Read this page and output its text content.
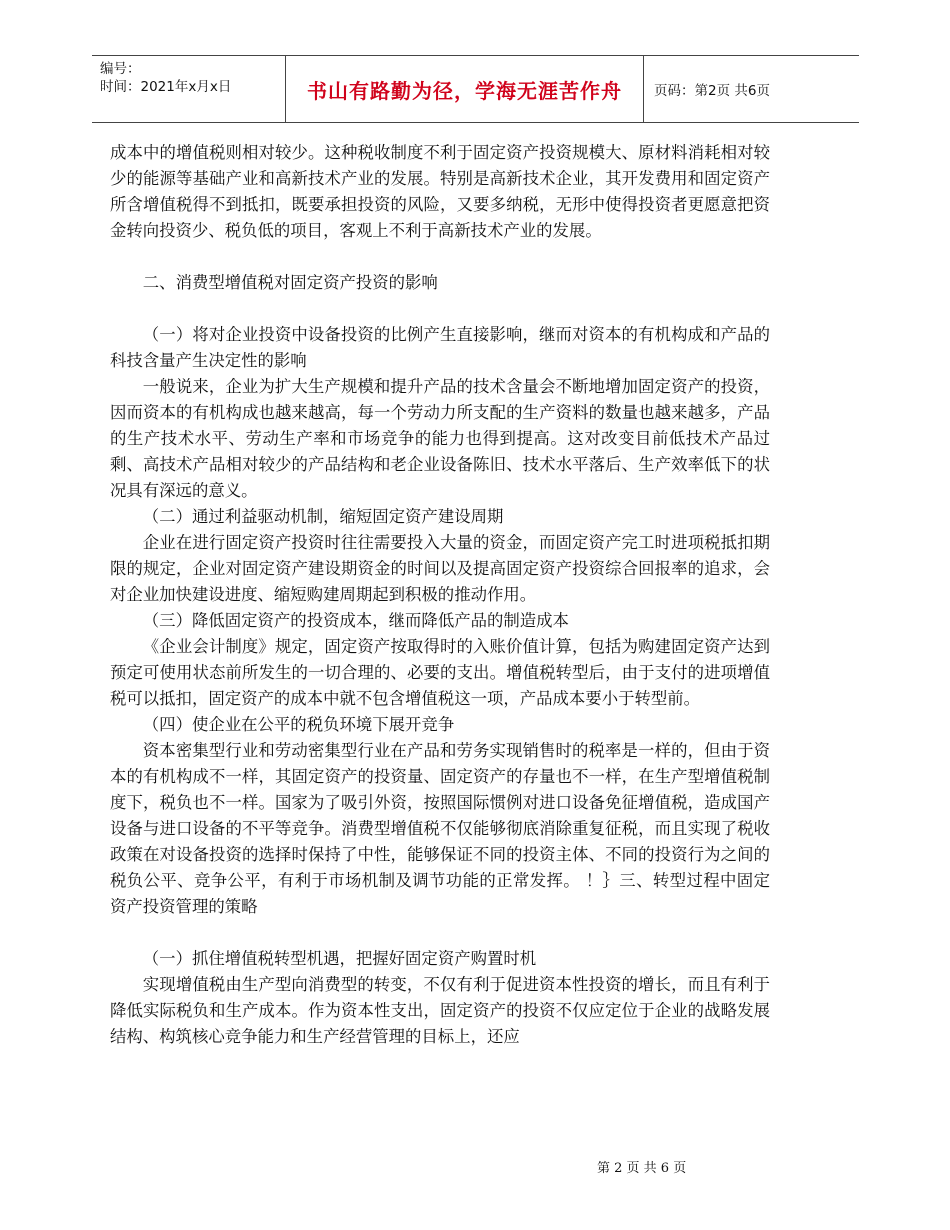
编号：
时间：2021年x月x日	书山有路勤为径，学海无涯苦作舟	页码：第2页 共6页

成本中的增值税则相对较少。这种税收制度不利于固定资产投资规模大、原材料消耗相对较少的能源等基础产业和高新技术产业的发展。特别是高新技术企业，其开发费用和固定资产所含增值税得不到抵扣，既要承担投资的风险，又要多纳税，无形中使得投资者更愿意把资金转向投资少、税负低的项目，客观上不利于高新技术产业的发展。

二、消费型增值税对固定资产投资的影响

（一）将对企业投资中设备投资的比例产生直接影响，继而对资本的有机构成和产品的科技含量产生决定性的影响

一般说来，企业为扩大生产规模和提升产品的技术含量会不断地增加固定资产的投资，因而资本的有机构成也越来越高，每一个劳动力所支配的生产资料的数量也越来越多，产品的生产技术水平、劳动生产率和市场竞争的能力也得到提高。这对改变目前低技术产品过剩、高技术产品相对较少的产品结构和老企业设备陈旧、技术水平落后、生产效率低下的状况具有深远的意义。

（二）通过利益驱动机制，缩短固定资产建设周期

企业在进行固定资产投资时往往需要投入大量的资金，而固定资产完工时进项税抵扣期限的规定，企业对固定资产建设期资金的时间以及提高固定资产投资综合回报率的追求，会对企业加快建设进度、缩短购建周期起到积极的推动作用。

（三）降低固定资产的投资成本，继而降低产品的制造成本

《企业会计制度》规定，固定资产按取得时的入账价值计算，包括为购建固定资产达到预定可使用状态前所发生的一切合理的、必要的支出。增值税转型后，由于支付的进项增值税可以抵扣，固定资产的成本中就不包含增值税这一项，产品成本要小于转型前。

（四）使企业在公平的税负环境下展开竞争

资本密集型行业和劳动密集型行业在产品和劳务实现销售时的税率是一样的，但由于资本的有机构成不一样，其固定资产的投资量、固定资产的存量也不一样，在生产型增值税制度下，税负也不一样。国家为了吸引外资，按照国际惯例对进口设备免征增值税，造成国产设备与进口设备的不平等竞争。消费型增值税不仅能够彻底消除重复征税，而且实现了税收政策在对设备投资的选择时保持了中性，能够保证不同的投资主体、不同的投资行为之间的税负公平、竞争公平，有利于市场机制及调节功能的正常发挥。 ！｝三、转型过程中固定资产投资管理的策略

（一）抓住增值税转型机遇，把握好固定资产购置时机

实现增值税由生产型向消费型的转变，不仅有利于促进资本性投资的增长，而且有利于降低实际税负和生产成本。作为资本性支出，固定资产的投资不仅应定位于企业的战略发展结构、构筑核心竞争能力和生产经营管理的目标上，还应

第 2 页 共 6 页
